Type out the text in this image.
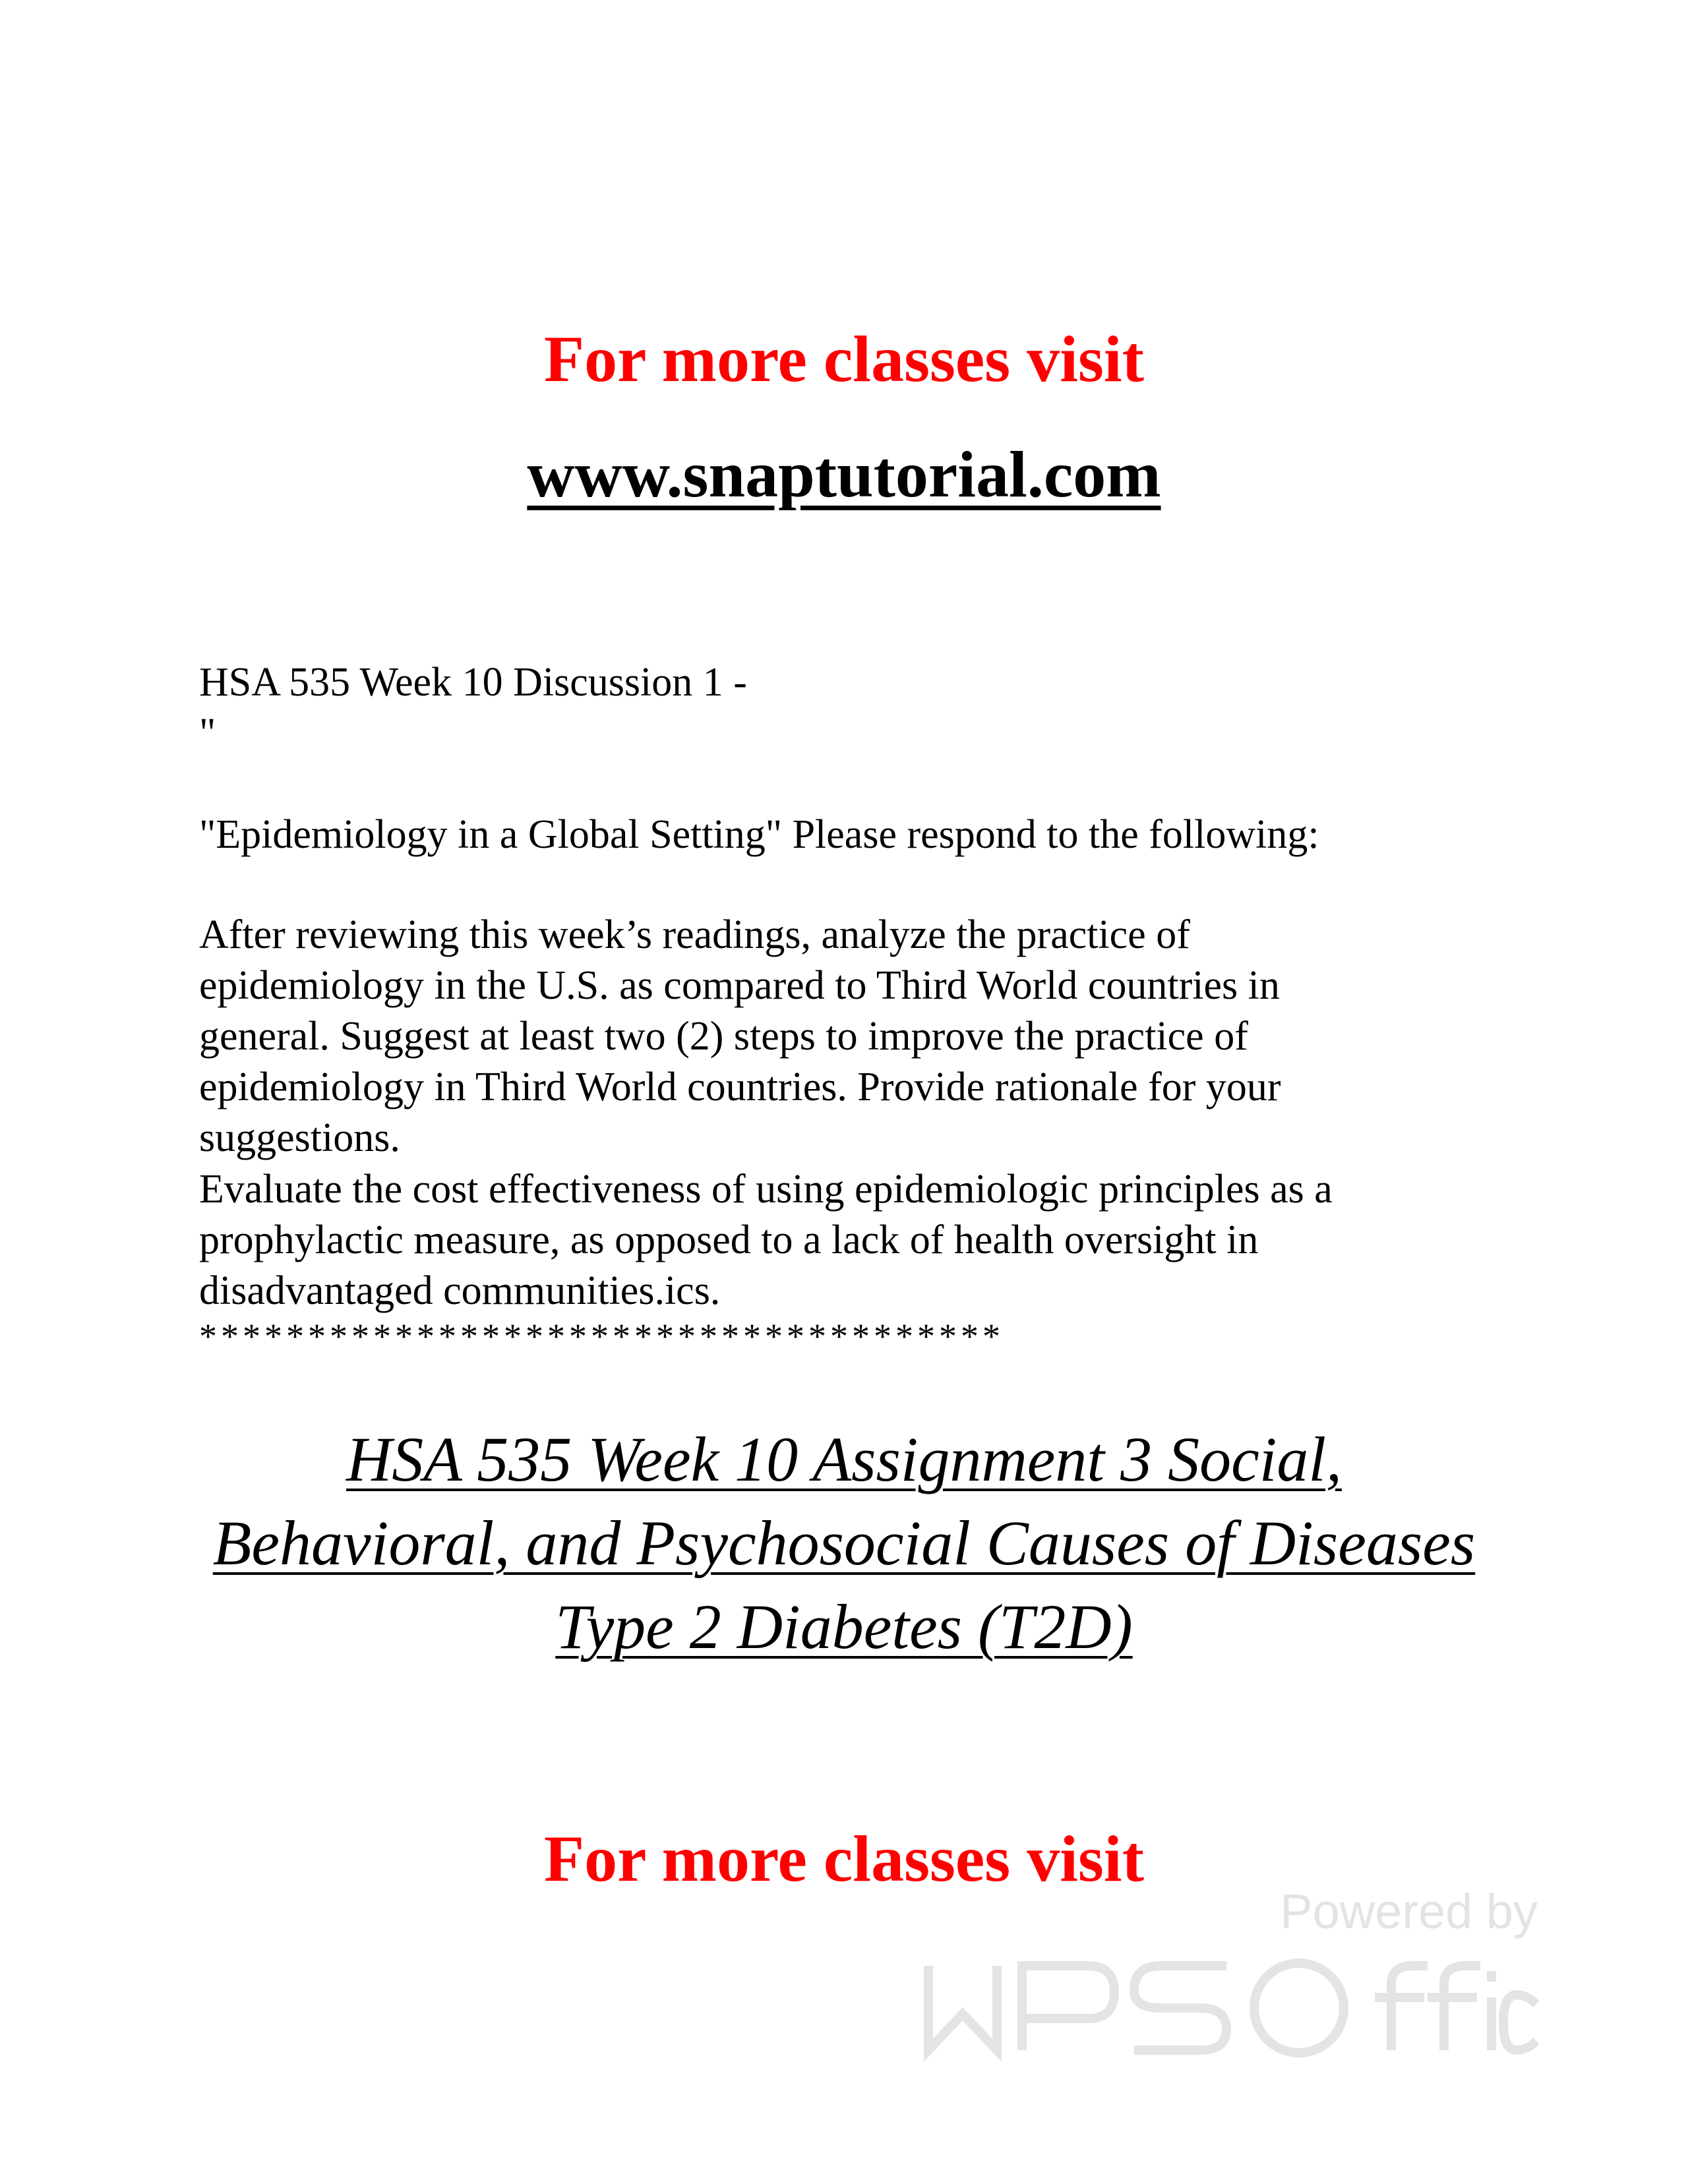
For more classes visit

www.snaptutorial.com

HSA 535 Week 10 Discussion 1 -

"

"Epidemiology in a Global Setting" Please respond to the following:

After reviewing this week’s readings, analyze the practice of
epidemiology in the U.S. as compared to Third World countries in
general. Suggest at least two (2) steps to improve the practice of
epidemiology in Third World countries. Provide rationale for your
suggestions.
Evaluate the cost effectiveness of using epidemiologic principles as a
prophylactic measure, as opposed to a lack of health oversight in
disadvantaged communities.ics.

*************************************

HSA 535 Week 10 Assignment 3 Social,
Behavioral, and Psychosocial Causes of Diseases
Type 2 Diabetes (T2D)

For more classes visit

Powered by
